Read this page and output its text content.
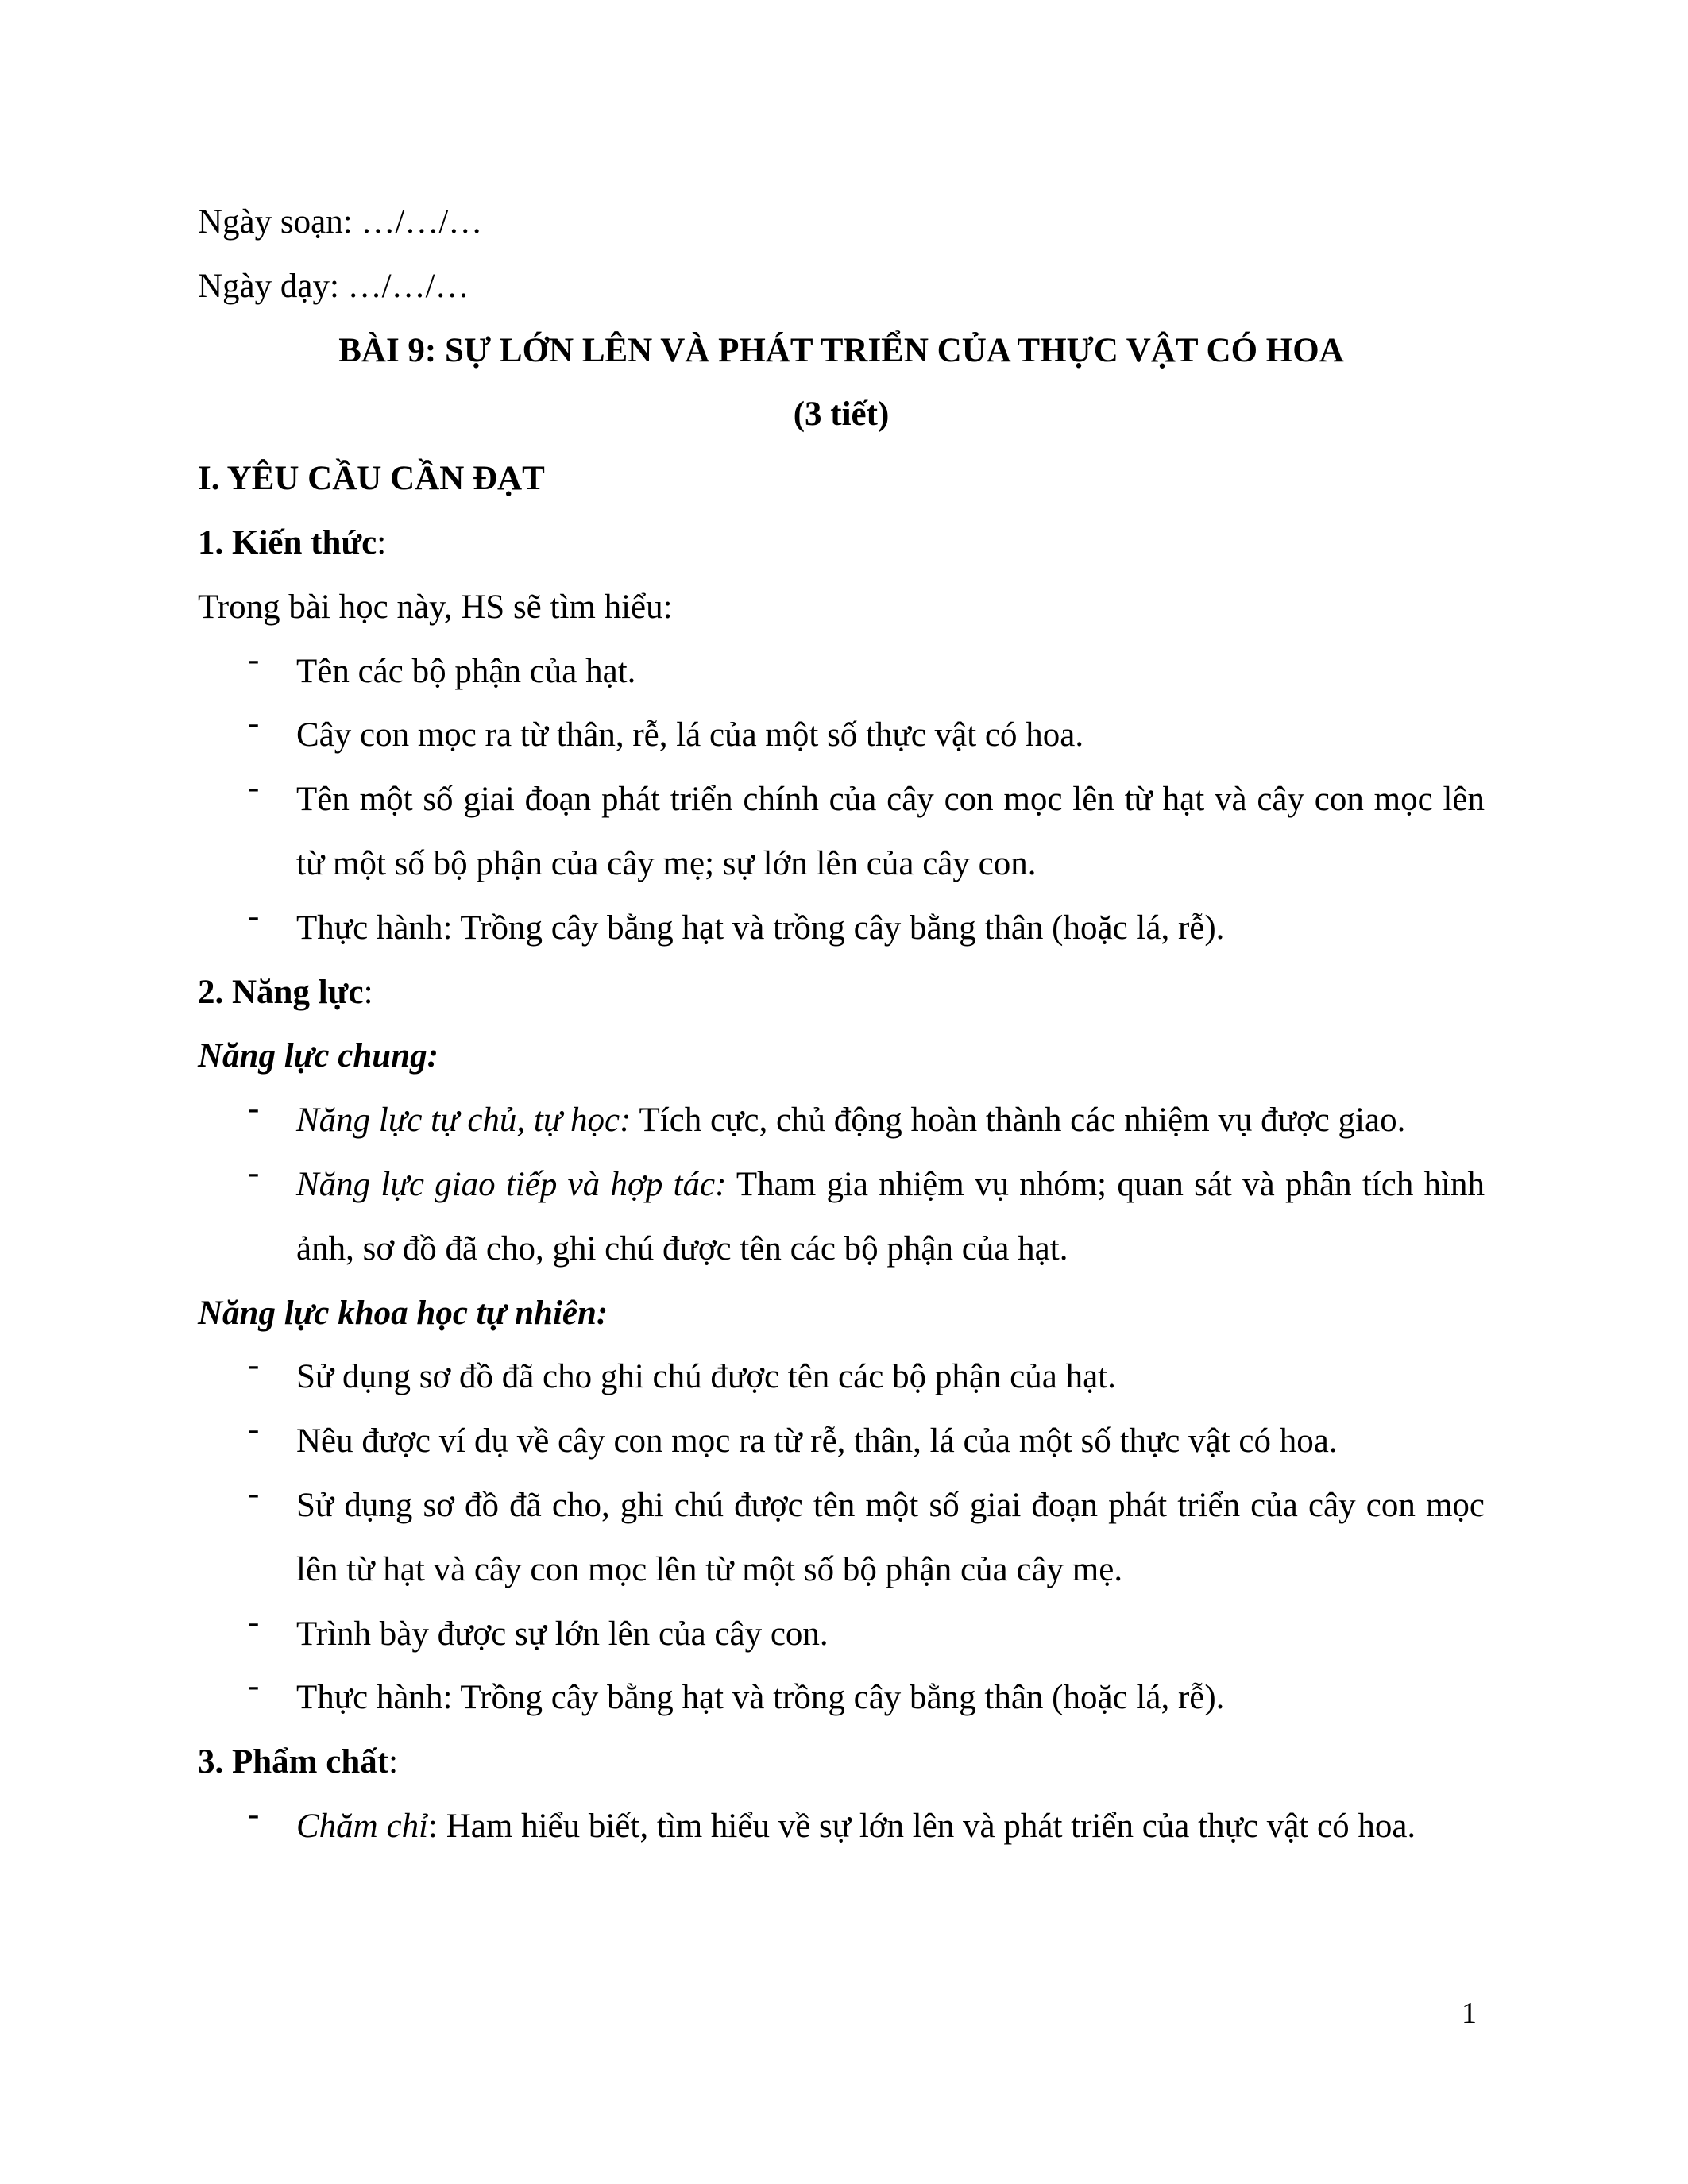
Ngày soạn: …/…/…
Ngày dạy: …/…/…
BÀI 9: SỰ LỚN LÊN VÀ PHÁT TRIỂN CỦA THỰC VẬT CÓ HOA
(3 tiết)
I. YÊU CẦU CẦN ĐẠT
1. Kiến thức:
Trong bài học này, HS sẽ tìm hiểu:
- Tên các bộ phận của hạt.
- Cây con mọc ra từ thân, rễ, lá của một số thực vật có hoa.
- Tên một số giai đoạn phát triển chính của cây con mọc lên từ hạt và cây con mọc lên từ một số bộ phận của cây mẹ; sự lớn lên của cây con.
- Thực hành: Trồng cây bằng hạt và trồng cây bằng thân (hoặc lá, rễ).
2. Năng lực:
Năng lực chung:
- Năng lực tự chủ, tự học: Tích cực, chủ động hoàn thành các nhiệm vụ được giao.
- Năng lực giao tiếp và hợp tác: Tham gia nhiệm vụ nhóm; quan sát và phân tích hình ảnh, sơ đồ đã cho, ghi chú được tên các bộ phận của hạt.
Năng lực khoa học tự nhiên:
- Sử dụng sơ đồ đã cho ghi chú được tên các bộ phận của hạt.
- Nêu được ví dụ về cây con mọc ra từ rễ, thân, lá của một số thực vật có hoa.
- Sử dụng sơ đồ đã cho, ghi chú được tên một số giai đoạn phát triển của cây con mọc lên từ hạt và cây con mọc lên từ một số bộ phận của cây mẹ.
- Trình bày được sự lớn lên của cây con.
- Thực hành: Trồng cây bằng hạt và trồng cây bằng thân (hoặc lá, rễ).
3. Phẩm chất:
- Chăm chỉ: Ham hiểu biết, tìm hiểu về sự lớn lên và phát triển của thực vật có hoa.
1
